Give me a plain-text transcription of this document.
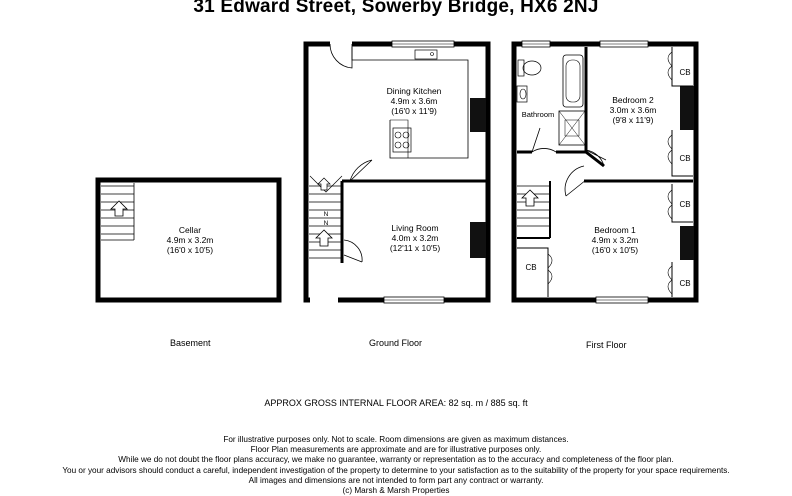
31 Edward Street, Sowerby Bridge, HX6 2NJ
Cellar
4.9m x 3.2m
(16'0 x 10'5)
N
N
Dining Kitchen
4.9m x 3.6m
(16'0 x 11'9)
Living Room
4.0m x 3.2m
(12'11 x 10'5)
CB
CB
CB
CB
CB
Bathroom
Bedroom 2
3.0m x 3.6m
(9'8 x 11'9)
Bedroom 1
4.9m x 3.2m
(16'0 x 10'5)
Basement	Ground Floor	First Floor
APPROX GROSS INTERNAL FLOOR AREA: 82 sq. m / 885 sq. ft
For illustrative purposes only. Not to scale. Room dimensions are given as maximum distances.
Floor Plan measurements are approximate and are for illustrative purposes only.
While we do not doubt the floor plans accuracy, we make no guarantee, warranty or representation as to the accuracy and completeness of the floor plan.
You or your advisors should conduct a careful, independent investigation of the property to determine to your satisfaction as to the suitability of the property for your space requirements.
All images and dimensions are not intended to form part any contract or warranty.
(c) Marsh & Marsh Properties
